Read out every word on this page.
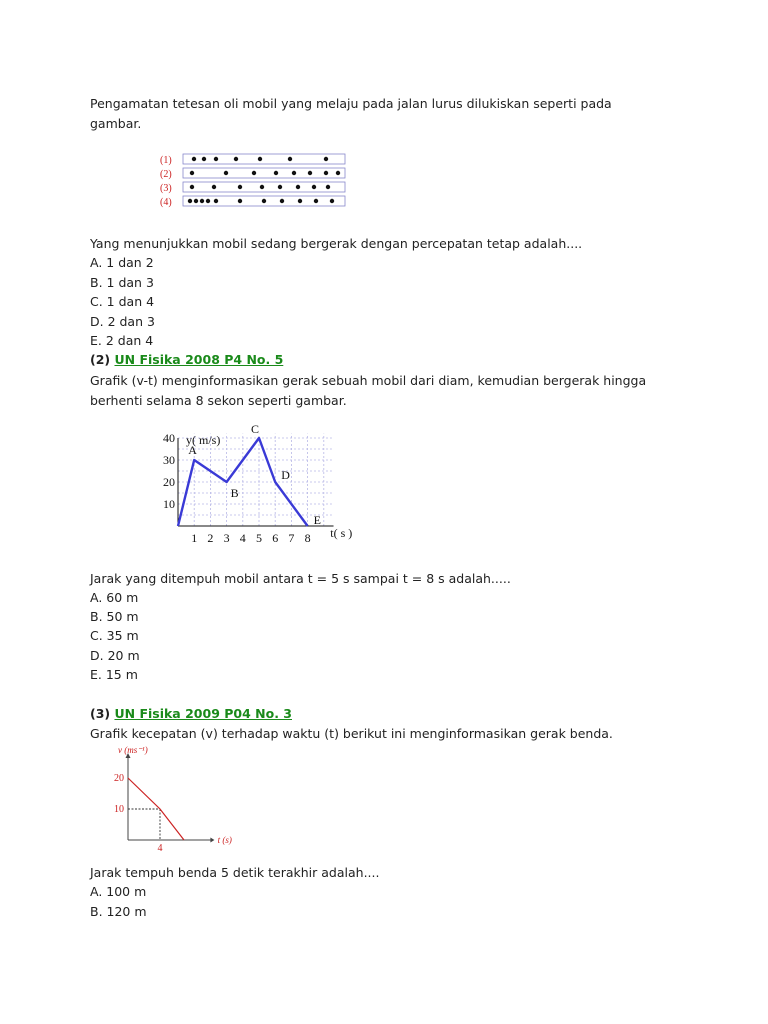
Pengamatan tetesan oli mobil yang melaju pada jalan lurus dilukiskan seperti pada
gambar.
(1)
(2)
(3)
(4)
Yang menunjukkan mobil sedang bergerak dengan percepatan tetap adalah....
A. 1 dan 2
B. 1 dan 3
C. 1 dan 4
D. 2 dan 3
E. 2 dan 4
(2) UN Fisika 2008 P4 No. 5
Grafik (v-t) menginformasikan gerak sebuah mobil dari diam, kemudian bergerak hingga
berhenti selama 8 sekon seperti gambar.
y( m/s)
t( s )
1 2 3 4 5 6 7 8
10
20
30
40
A
B
C
D
E
Jarak yang ditempuh mobil antara t = 5 s sampai t = 8 s adalah.....
A. 60 m
B. 50 m
C. 35 m
D. 20 m
E. 15 m
(3) UN Fisika 2009 P04 No. 3
Grafik kecepatan (v) terhadap waktu (t) berikut ini menginformasikan gerak benda.
v (ms⁻¹)
t (s)
10
20
4
Jarak tempuh benda 5 detik terakhir adalah....
A. 100 m
B. 120 m
